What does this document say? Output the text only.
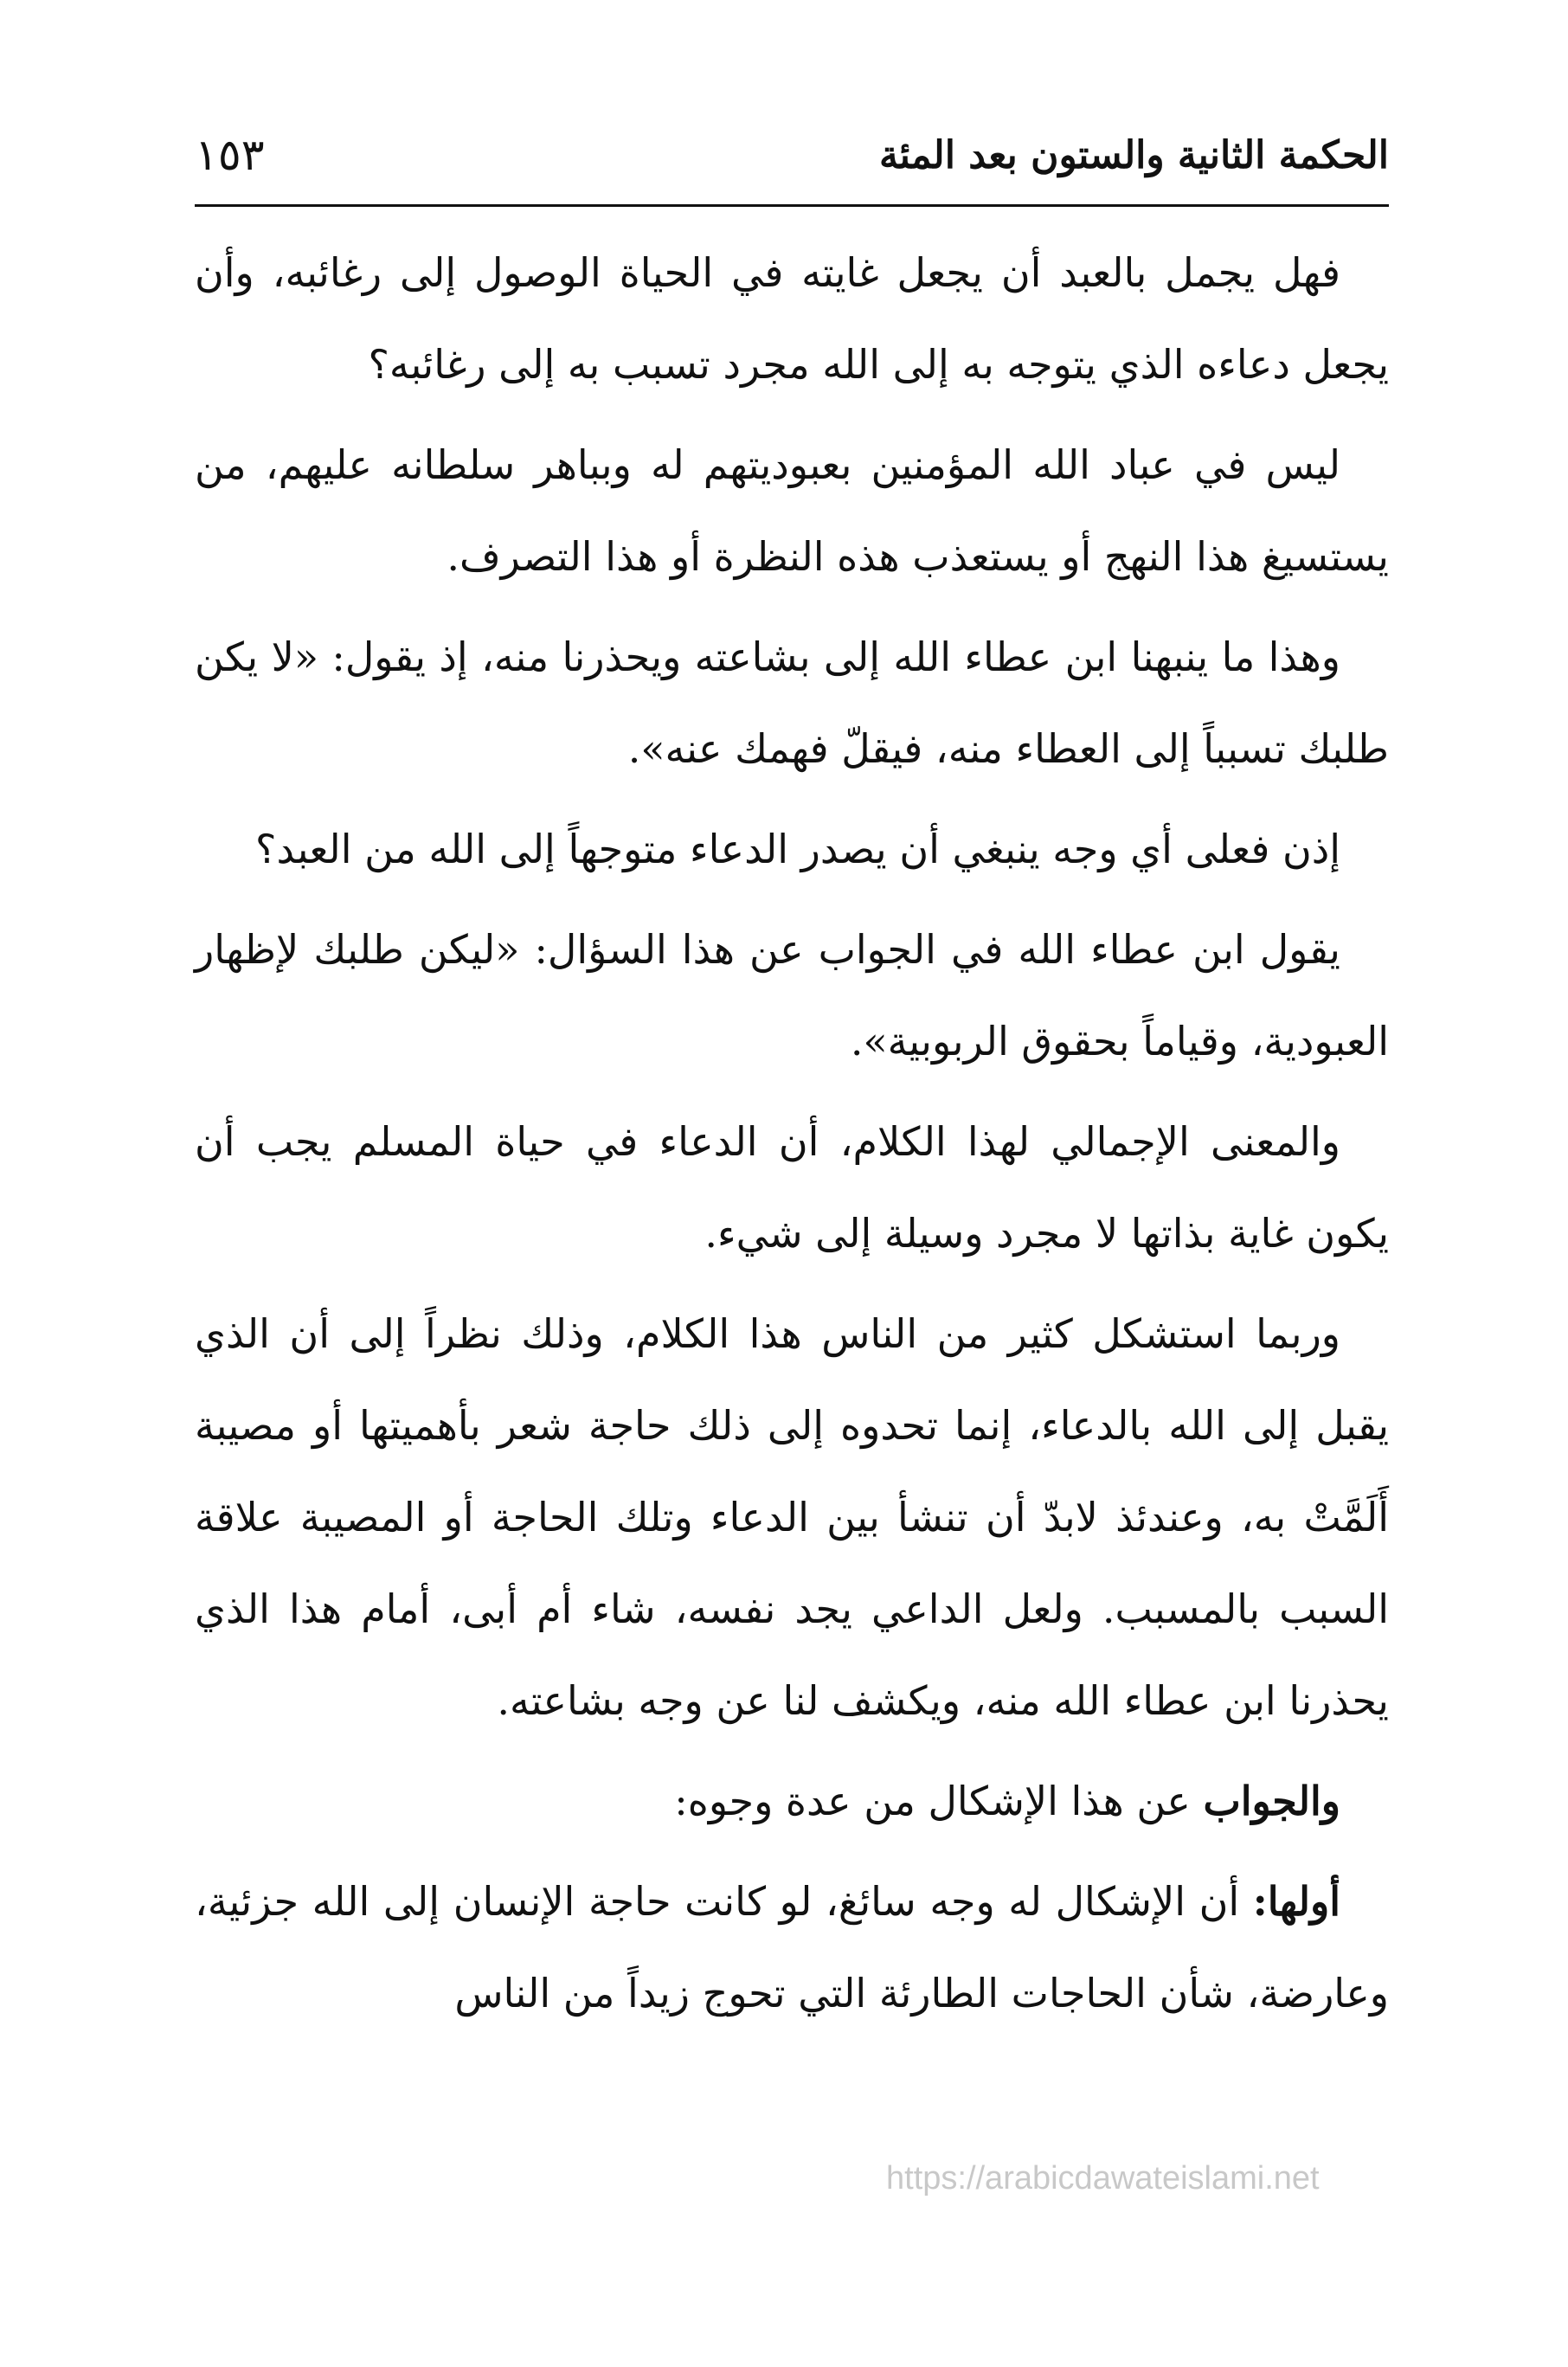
الحكمة الثانية والستون بعد المئة
١٥٣

فهل يجمل بالعبد أن يجعل غايته في الحياة الوصول إلى رغائبه، وأن يجعل دعاءه الذي يتوجه به إلى الله مجرد تسبب به إلى رغائبه؟

ليس في عباد الله المؤمنين بعبوديتهم له وبباهر سلطانه عليهم، من يستسيغ هذا النهج أو يستعذب هذه النظرة أو هذا التصرف.

وهذا ما ينبهنا ابن عطاء الله إلى بشاعته ويحذرنا منه، إذ يقول: «لا يكن طلبك تسبباً إلى العطاء منه، فيقلّ فهمك عنه».

إذن فعلى أي وجه ينبغي أن يصدر الدعاء متوجهاً إلى الله من العبد؟

يقول ابن عطاء الله في الجواب عن هذا السؤال: «ليكن طلبك لإظهار العبودية، وقياماً بحقوق الربوبية».

والمعنى الإجمالي لهذا الكلام، أن الدعاء في حياة المسلم يجب أن يكون غاية بذاتها لا مجرد وسيلة إلى شيء.

وربما استشكل كثير من الناس هذا الكلام، وذلك نظراً إلى أن الذي يقبل إلى الله بالدعاء، إنما تحدوه إلى ذلك حاجة شعر بأهميتها أو مصيبة أَلَمَّتْ به، وعندئذ لابدّ أن تنشأ بين الدعاء وتلك الحاجة أو المصيبة علاقة السبب بالمسبب. ولعل الداعي يجد نفسه، شاء أم أبى، أمام هذا الذي يحذرنا ابن عطاء الله منه، ويكشف لنا عن وجه بشاعته.

والجواب عن هذا الإشكال من عدة وجوه:

أولها: أن الإشكال له وجه سائغ، لو كانت حاجة الإنسان إلى الله جزئية، وعارضة، شأن الحاجات الطارئة التي تحوج زيداً من الناس

https://arabicdawateislami.net
